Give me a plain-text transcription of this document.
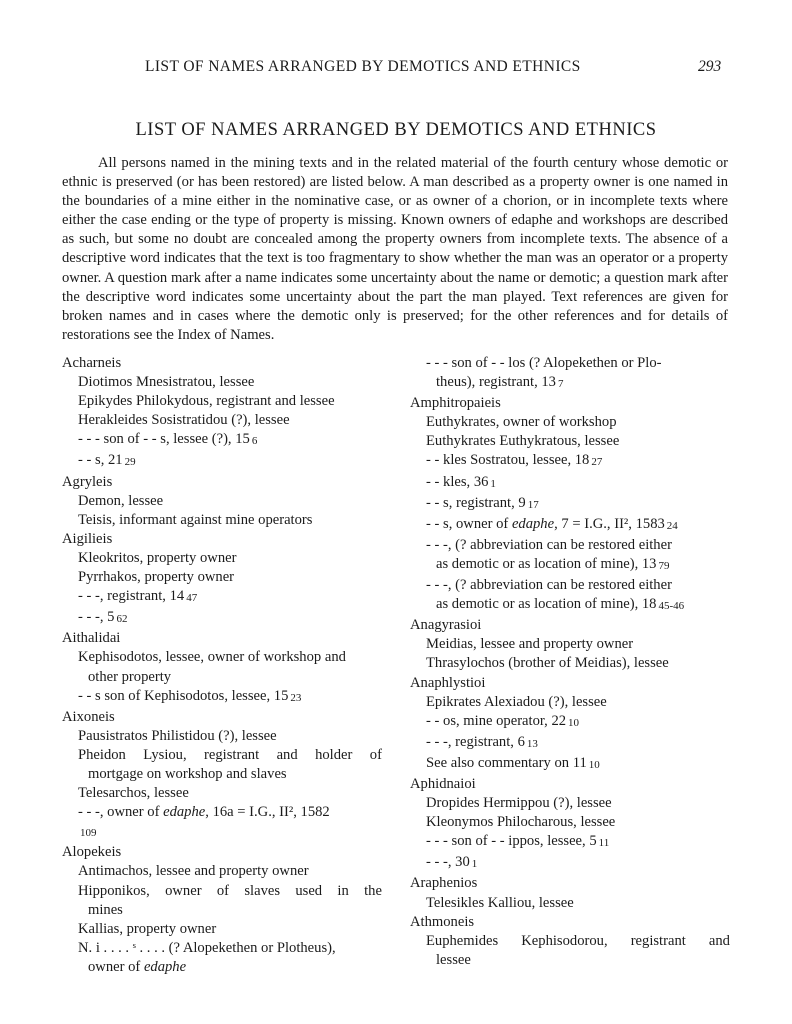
LIST OF NAMES ARRANGED BY DEMOTICS AND ETHNICS	293
LIST OF NAMES ARRANGED BY DEMOTICS AND ETHNICS

All persons named in the mining texts and in the related material of the fourth century whose demotic or ethnic is preserved (or has been restored) are listed below. A man described as a property owner is one named in the boundaries of a mine either in the nominative case, or as owner of a chorion, or in incomplete texts where either the case ending or the type of property is missing. Known owners of edaphe and workshops are described as such, but some no doubt are concealed among the property owners from incomplete texts. The absence of a descriptive word indicates that the text is too fragmentary to show whether the man was an operator or a property owner. A question mark after a name indicates some uncertainty about the name or demotic; a question mark after the descriptive word indicates some uncertainty about the part the man played. Text references are given for broken names and in cases where the demotic only is preserved; for the other references and for details of restorations see the Index of Names.

Acharneis
Diotimos Mnesistratou, lessee
Epikydes Philokydous, registrant and lessee
Herakleides Sosistratidou (?), lessee
- - - son of - - s, lessee (?), 15 6
- - s, 21 29
Agryleis
Demon, lessee
Teisis, informant against mine operators
Aigilieis
Kleokritos, property owner
Pyrrhakos, property owner
- - -, registrant, 14 47
- - -, 5 62
Aithalidai
Kephisodotos, lessee, owner of workshop and
other property
- - s son of Kephisodotos, lessee, 15 23
Aixoneis
Pausistratos Philistidou (?), lessee
Pheidon Lysiou, registrant and holder of
mortgage on workshop and slaves
Telesarchos, lessee
- - -, owner of edaphe, 16a = I.G., II², 1582
109
Alopekeis
Antimachos, lessee and property owner
Hipponikos, owner of slaves used in the
mines
Kallias, property owner
N. i . . . . ˢ . . . . (? Alopekethen or Plotheus),
owner of edaphe
- - - son of - - los (? Alopekethen or Plo-
theus), registrant, 13 7
Amphitropaieis
Euthykrates, owner of workshop
Euthykrates Euthykratous, lessee
- - kles Sostratou, lessee, 18 27
- - kles, 36 1
- - s, registrant, 9 17
- - s, owner of edaphe, 7 = I.G., II², 1583 24
- - -, (? abbreviation can be restored either
as demotic or as location of mine), 13 79
- - -, (? abbreviation can be restored either
as demotic or as location of mine), 18 45-46
Anagyrasioi
Meidias, lessee and property owner
Thrasylochos (brother of Meidias), lessee
Anaphlystioi
Epikrates Alexiadou (?), lessee
- - os, mine operator, 22 10
- - -, registrant, 6 13
See also commentary on 11 10
Aphidnaioi
Dropides Hermippou (?), lessee
Kleonymos Philocharous, lessee
- - - son of - - ippos, lessee, 5 11
- - -, 30 1
Araphenios
Telesikles Kalliou, lessee
Athmoneis
Euphemides Kephisodorou, registrant and
lessee
